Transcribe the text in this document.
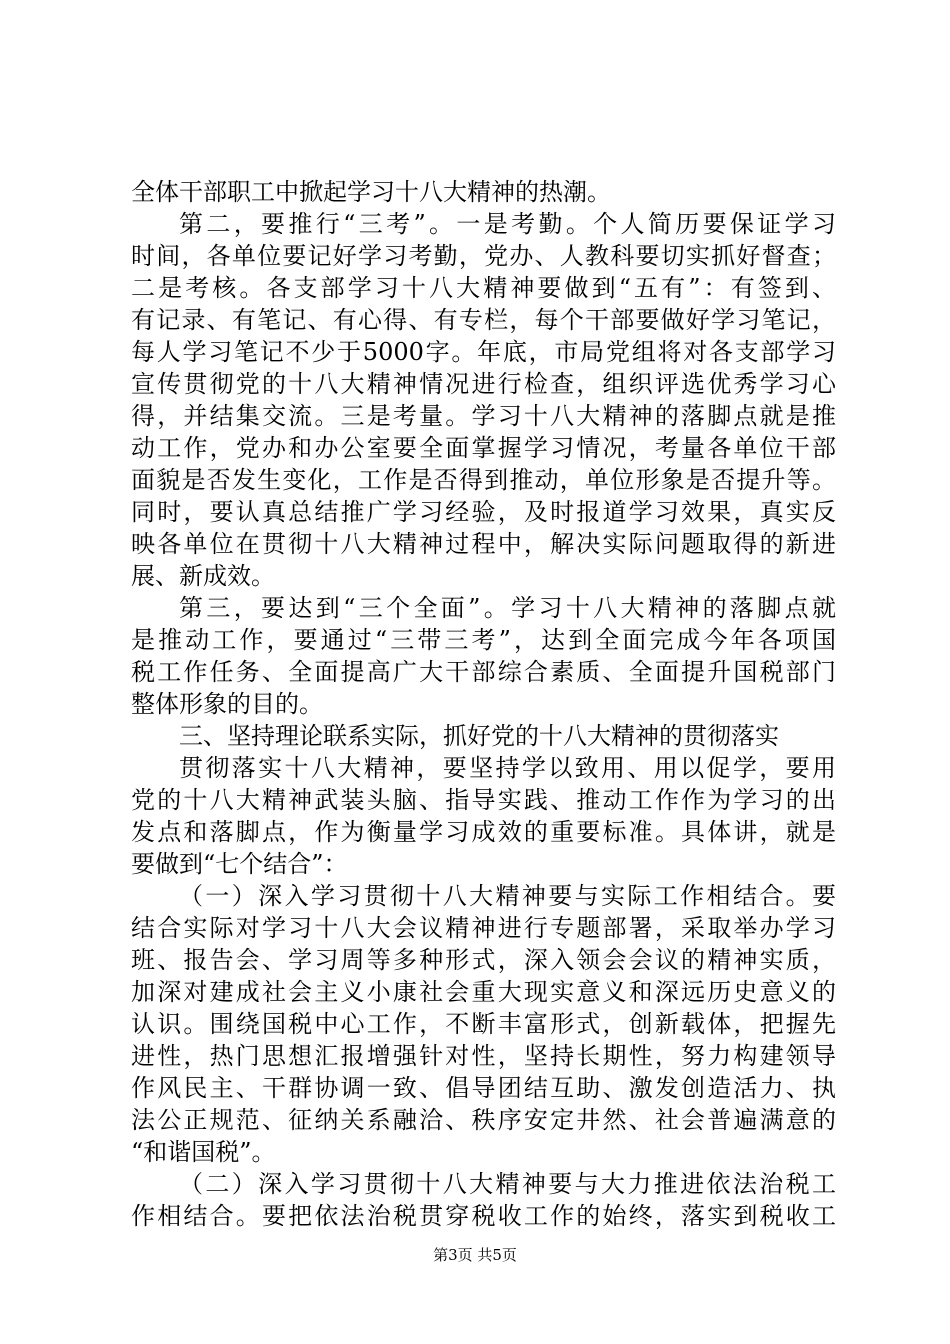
全体干部职工中掀起学习十八大精神的热潮。
第二，要推行“三考”。一是考勤。个人简历要保证学习
时间，各单位要记好学习考勤，党办、人教科要切实抓好督查；
二是考核。各支部学习十八大精神要做到“五有”：有签到、
有记录、有笔记、有心得、有专栏，每个干部要做好学习笔记，
每人学习笔记不少于5000字。年底，市局党组将对各支部学习
宣传贯彻党的十八大精神情况进行检查，组织评选优秀学习心
得，并结集交流。三是考量。学习十八大精神的落脚点就是推
动工作，党办和办公室要全面掌握学习情况，考量各单位干部
面貌是否发生变化，工作是否得到推动，单位形象是否提升等。
同时，要认真总结推广学习经验，及时报道学习效果，真实反
映各单位在贯彻十八大精神过程中，解决实际问题取得的新进
展、新成效。
第三，要达到“三个全面”。学习十八大精神的落脚点就
是推动工作，要通过“三带三考”，达到全面完成今年各项国
税工作任务、全面提高广大干部综合素质、全面提升国税部门
整体形象的目的。
三、坚持理论联系实际，抓好党的十八大精神的贯彻落实
贯彻落实十八大精神，要坚持学以致用、用以促学，要用
党的十八大精神武装头脑、指导实践、推动工作作为学习的出
发点和落脚点，作为衡量学习成效的重要标准。具体讲，就是
要做到“七个结合”：
（一）深入学习贯彻十八大精神要与实际工作相结合。要
结合实际对学习十八大会议精神进行专题部署，采取举办学习
班、报告会、学习周等多种形式，深入领会会议的精神实质，
加深对建成社会主义小康社会重大现实意义和深远历史意义的
认识。围绕国税中心工作，不断丰富形式，创新载体，把握先
进性，热门思想汇报增强针对性，坚持长期性，努力构建领导
作风民主、干群协调一致、倡导团结互助、激发创造活力、执
法公正规范、征纳关系融洽、秩序安定井然、社会普遍满意的
“和谐国税”。
（二）深入学习贯彻十八大精神要与大力推进依法治税工
作相结合。要把依法治税贯穿税收工作的始终，落实到税收工
第3页 共5页
